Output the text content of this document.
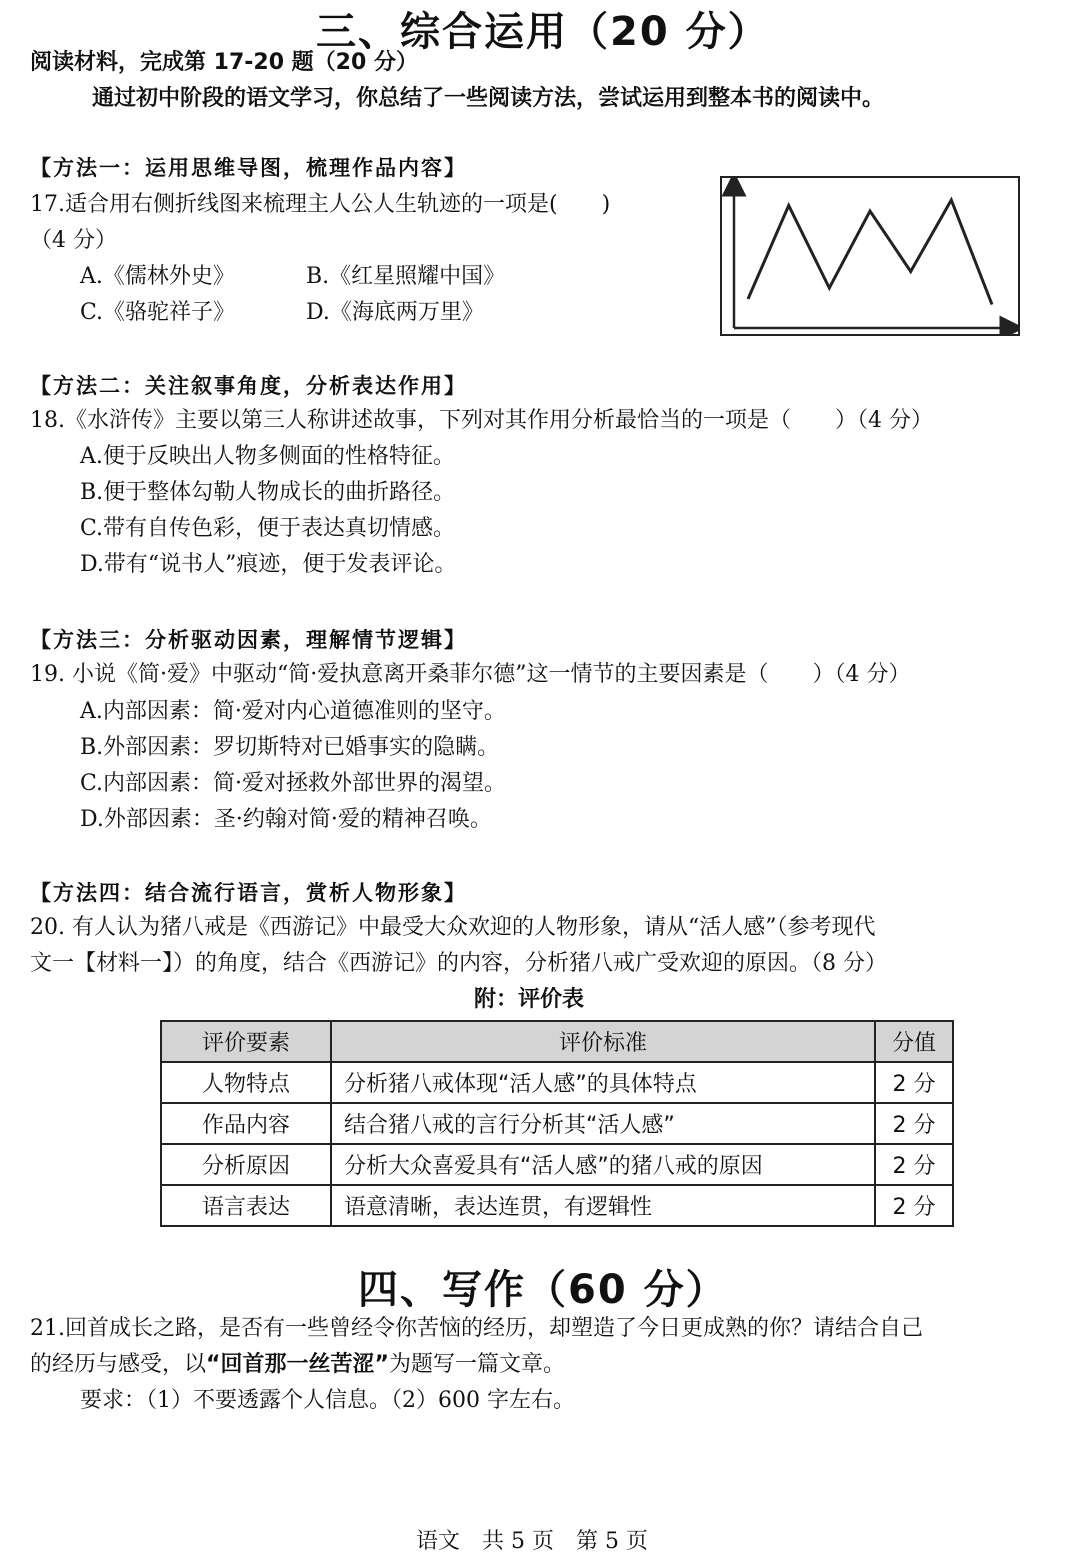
三、综合运用（20 分）
阅读材料，完成第 17-20 题（20 分）
通过初中阶段的语文学习，你总结了一些阅读方法，尝试运用到整本书的阅读中。
【方法一：运用思维导图，梳理作品内容】
17.适合用右侧折线图来梳理主人公人生轨迹的一项是(　　)
（4 分）
A.《儒林外史》	B.《红星照耀中国》
C.《骆驼祥子》	D.《海底两万里》
【方法二：关注叙事角度，分析表达作用】
18.《水浒传》主要以第三人称讲述故事，下列对其作用分析最恰当的一项是（　　）（4 分）
A.便于反映出人物多侧面的性格特征。
B.便于整体勾勒人物成长的曲折路径。
C.带有自传色彩，便于表达真切情感。
D.带有“说书人”痕迹，便于发表评论。
【方法三：分析驱动因素，理解情节逻辑】
19. 小说《简·爱》中驱动“简·爱执意离开桑菲尔德”这一情节的主要因素是（　　）（4 分）
A.内部因素：简·爱对内心道德准则的坚守。
B.外部因素：罗切斯特对已婚事实的隐瞒。
C.内部因素：简·爱对拯救外部世界的渴望。
D.外部因素：圣·约翰对简·爱的精神召唤。
【方法四：结合流行语言，赏析人物形象】
20. 有人认为猪八戒是《西游记》中最受大众欢迎的人物形象，请从“活人感”（参考现代
文一【材料一】）的角度，结合《西游记》的内容，分析猪八戒广受欢迎的原因。（8 分）
附：评价表
评价要素	评价标准	分值
人物特点	分析猪八戒体现“活人感”的具体特点	2 分
作品内容	结合猪八戒的言行分析其“活人感”	2 分
分析原因	分析大众喜爱具有“活人感”的猪八戒的原因	2 分
语言表达	语意清晰，表达连贯，有逻辑性	2 分
四、写作（60 分）
21.回首成长之路，是否有一些曾经令你苦恼的经历，却塑造了今日更成熟的你？请结合自己
的经历与感受，以“回首那一丝苦涩”为题写一篇文章。
要求：（1）不要透露个人信息。（2）600 字左右。
语文　共 5 页　第 5 页
